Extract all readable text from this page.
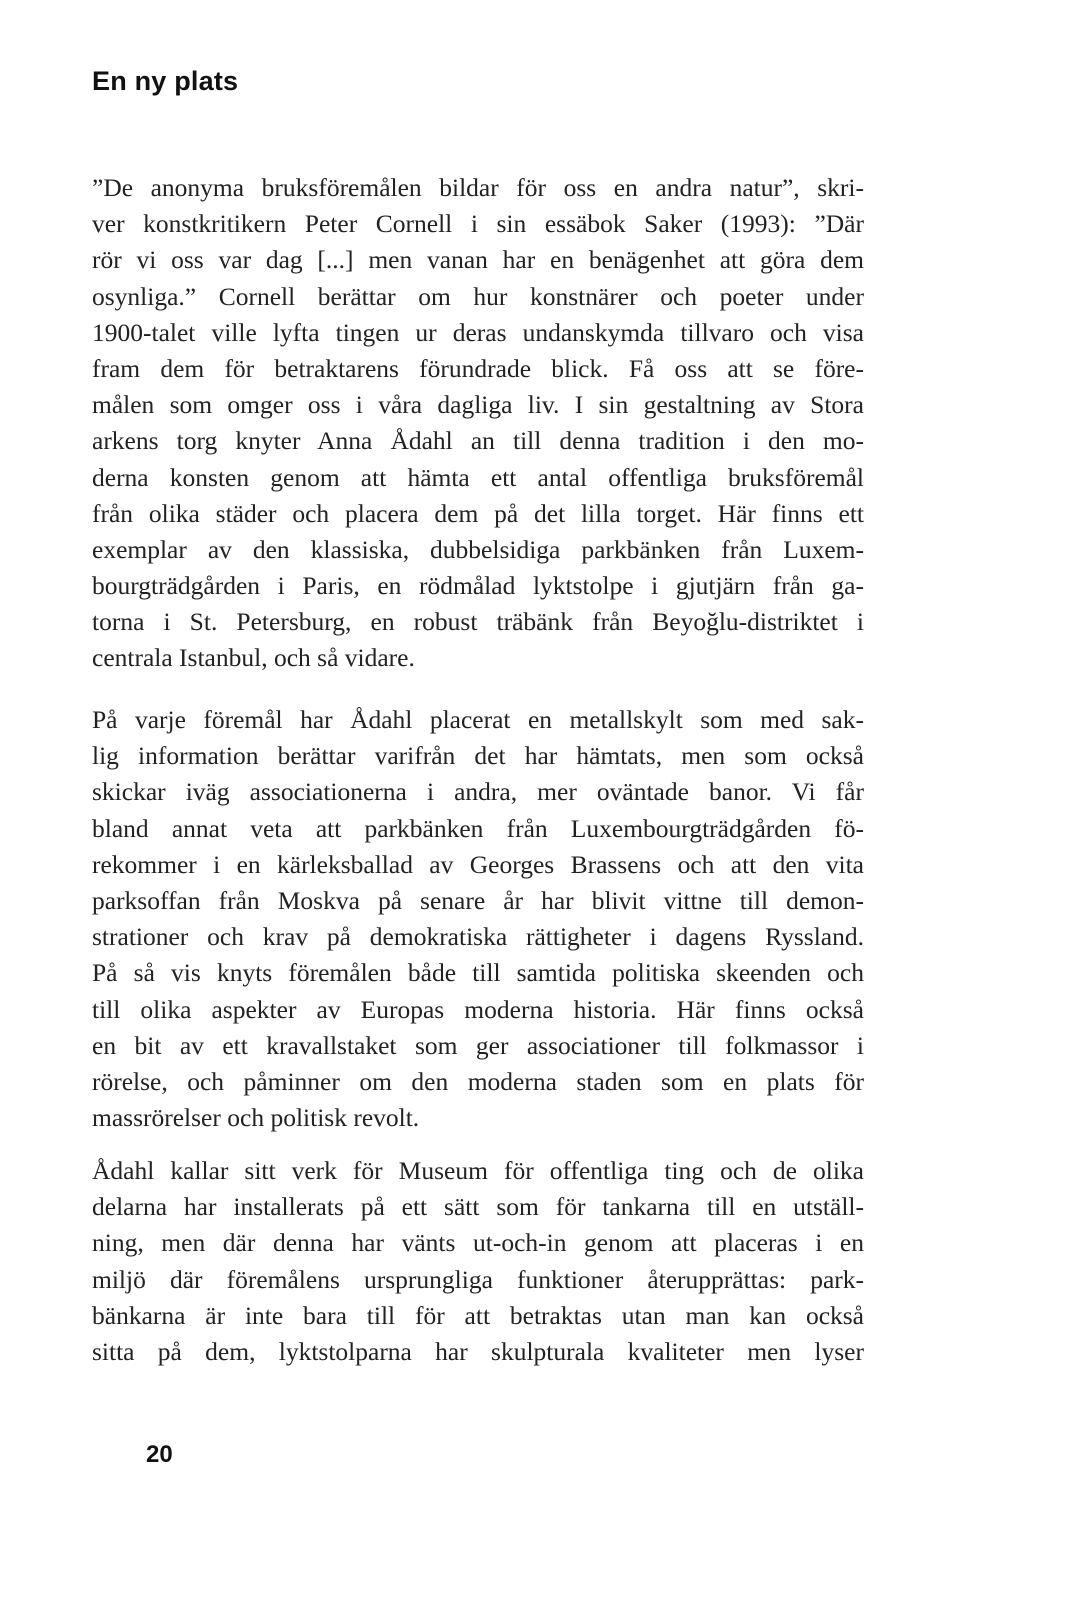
En ny plats
”De anonyma bruksföremålen bildar för oss en andra natur”, skri-
ver konstkritikern Peter Cornell i sin essäbok Saker (1993): ”Där
rör vi oss var dag [...] men vanan har en benägenhet att göra dem
osynliga.” Cornell berättar om hur konstnärer och poeter under
1900-talet ville lyfta tingen ur deras undanskymda tillvaro och visa
fram dem för betraktarens förundrade blick. Få oss att se före-
målen som omger oss i våra dagliga liv. I sin gestaltning av Stora
arkens torg knyter Anna Ådahl an till denna tradition i den mo-
derna konsten genom att hämta ett antal offentliga bruksföremål
från olika städer och placera dem på det lilla torget. Här finns ett
exemplar av den klassiska, dubbelsidiga parkbänken från Luxem-
bourgträdgården i Paris, en rödmålad lyktstolpe i gjutjärn från ga-
torna i St. Petersburg, en robust träbänk från Beyoğlu-distriktet i
centrala Istanbul, och så vidare.
På varje föremål har Ådahl placerat en metallskylt som med sak-
lig information berättar varifrån det har hämtats, men som också
skickar iväg associationerna i andra, mer oväntade banor. Vi får
bland annat veta att parkbänken från Luxembourgträdgården fö-
rekommer i en kärleksballad av Georges Brassens och att den vita
parksoffan från Moskva på senare år har blivit vittne till demon-
strationer och krav på demokratiska rättigheter i dagens Ryssland.
På så vis knyts föremålen både till samtida politiska skeenden och
till olika aspekter av Europas moderna historia. Här finns också
en bit av ett kravallstaket som ger associationer till folkmassor i
rörelse, och påminner om den moderna staden som en plats för
massrörelser och politisk revolt.
Ådahl kallar sitt verk för Museum för offentliga ting och de olika
delarna har installerats på ett sätt som för tankarna till en utställ-
ning, men där denna har vänts ut-och-in genom att placeras i en
miljö där föremålens ursprungliga funktioner återupprättas: park-
bänkarna är inte bara till för att betraktas utan man kan också
sitta på dem, lyktstolparna har skulpturala kvaliteter men lyser

20
